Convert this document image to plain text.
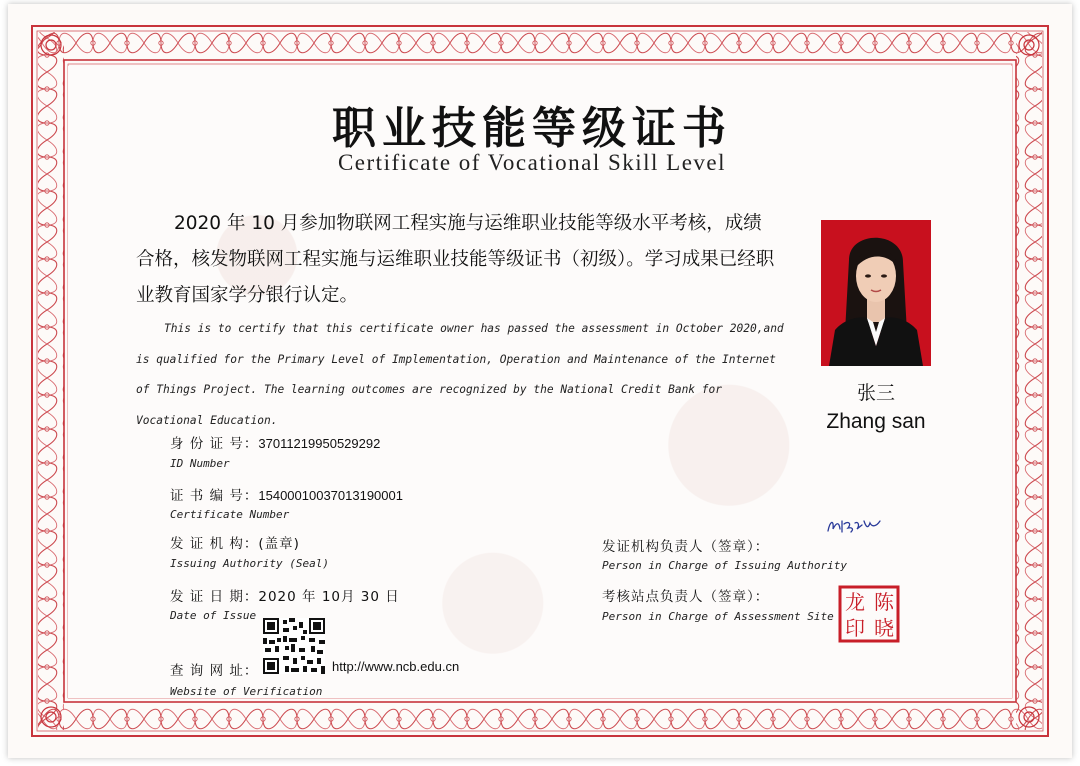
职业技能等级证书
Certificate of Vocational Skill Level
2020 年 10 月参加物联网工程实施与运维职业技能等级水平考核，成绩合格，核发物联网工程实施与运维职业技能等级证书（初级）。学习成果已经职业教育国家学分银行认定。
This is to certify that this certificate owner has passed the assessment in October 2020,and is qualified for the Primary Level of Implementation, Operation and Maintenance of the Internet of Things Project. The learning outcomes are recognized by the National Credit Bank for Vocational Education.
张三
Zhang san
身 份 证 号：370112199505292​92
ID Number
证 书 编 号：15400010037013190001
Certificate Number
发 证 机 构：(盖章)
Issuing Authority (Seal)
发 证 日 期：2020 年 10月 30 日
Date of Issue
查 询 网 址：	http://www.ncb.edu.cn
Website of Verification
发证机构负责人（签章）：
Person in Charge of Issuing Authority
考核站点负责人（签章）：
Person in Charge of Assessment Site
陈
晓
龙
印
